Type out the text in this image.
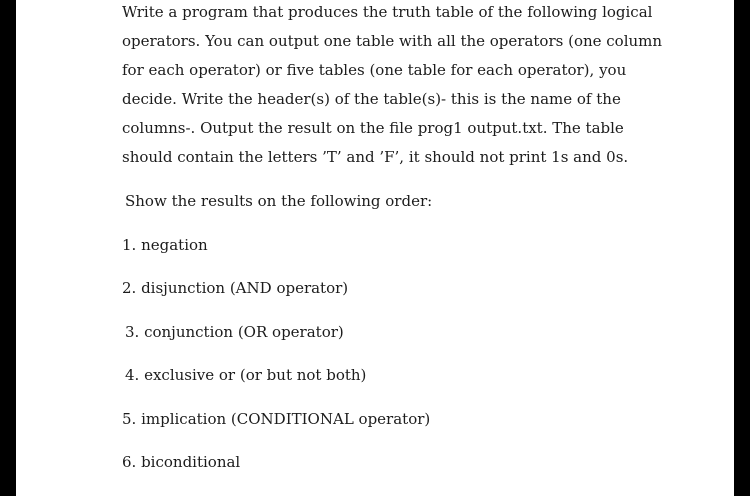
Write a program that produces the truth table of the following logical
operators. You can output one table with all the operators (one column
for each operator) or five tables (one table for each operator), you
decide. Write the header(s) of the table(s)- this is the name of the
columns-. Output the result on the file prog1 output.txt. The table
should contain the letters ’T’ and ’F’, it should not print 1s and 0s.
Show the results on the following order:
1. negation
2. disjunction (AND operator)
3. conjunction (OR operator)
4. exclusive or (or but not both)
5. implication (CONDITIONAL operator)
6. biconditional
